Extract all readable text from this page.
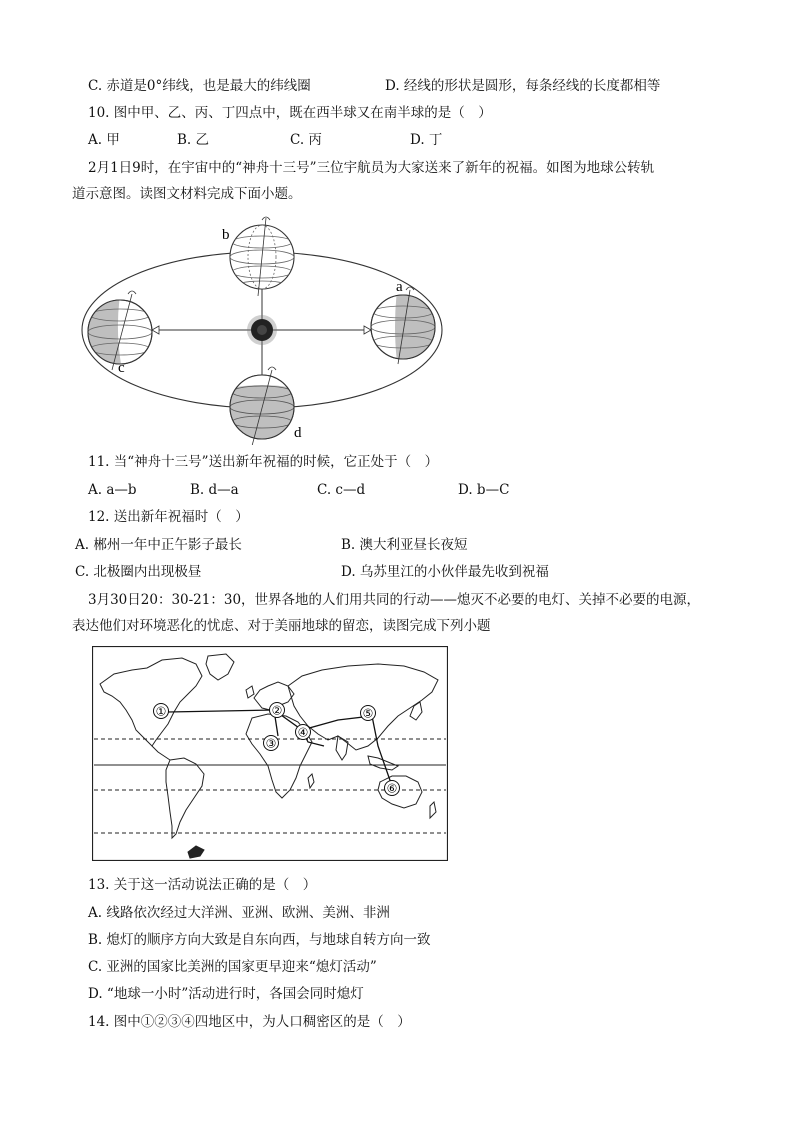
C. 赤道是0°纬线，也是最大的纬线圈	D. 经线的形状是圆形，每条经线的长度都相等
10. 图中甲、乙、丙、丁四点中，既在西半球又在南半球的是（　）
A. 甲	B. 乙	C. 丙	D. 丁
2月1日9时，在宇宙中的“神舟十三号”三位宇航员为大家送来了新年的祝福。如图为地球公转轨
道示意图。读图文材料完成下面小题。
b
a
c
d
11. 当“神舟十三号”送出新年祝福的时候，它正处于（　）
A. a—b	B. d—a	C. c—d	D. b—C
12. 送出新年祝福时（　）
A. 郴州一年中正午影子最长	B. 澳大利亚昼长夜短
C. 北极圈内出现极昼	D. 乌苏里江的小伙伴最先收到祝福
3月30日20：30-21：30，世界各地的人们用共同的行动——熄灭不必要的电灯、关掉不必要的电源，
表达他们对环境恶化的忧虑、对于美丽地球的留恋，读图完成下列小题
①	②
③
④
⑤
⑥
13. 关于这一活动说法正确的是（　）
A. 线路依次经过大洋洲、亚洲、欧洲、美洲、非洲
B. 熄灯的顺序方向大致是自东向西，与地球自转方向一致
C. 亚洲的国家比美洲的国家更早迎来“熄灯活动”
D. “地球一小时”活动进行时，各国会同时熄灯
14. 图中①②③④四地区中，为人口稠密区的是（　）
